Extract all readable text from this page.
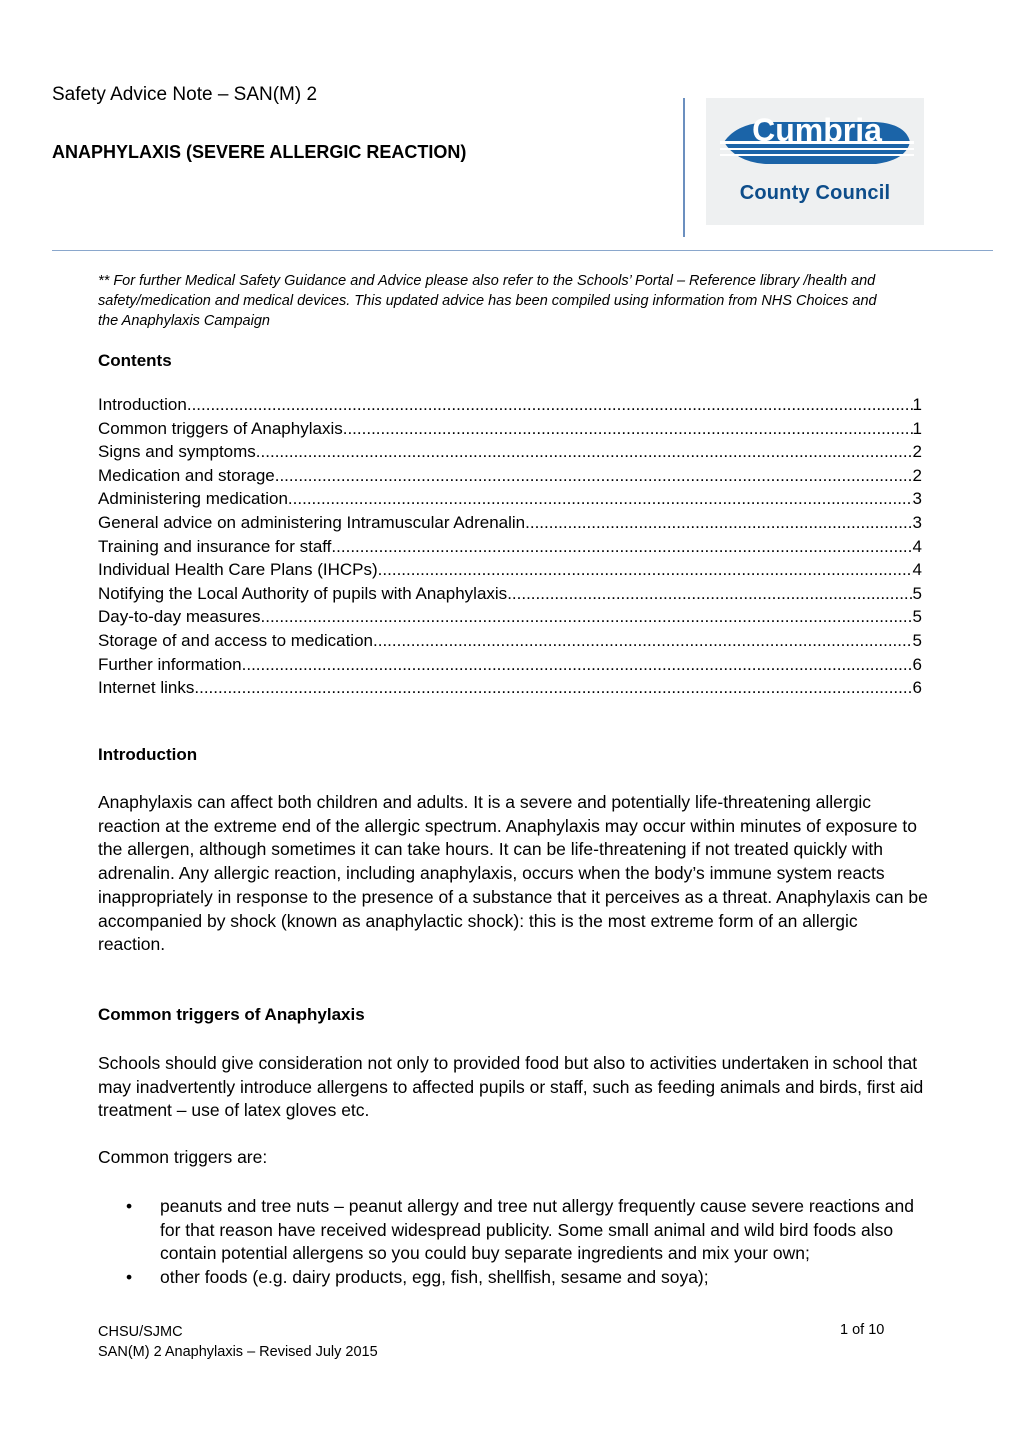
Safety Advice Note – SAN(M) 2
ANAPHYLAXIS (SEVERE ALLERGIC REACTION)
Cumbria
County Council
** For further Medical Safety Guidance and Advice please also refer to the Schools’ Portal – Reference library /health and safety/medication and medical devices. This updated advice has been compiled using information from NHS Choices and the Anaphylaxis Campaign
Contents
Introduction .....	1
Common triggers of Anaphylaxis .....	1
Signs and symptoms .....	2
Medication and storage .....	2
Administering medication .....	3
General advice on administering Intramuscular Adrenalin .....	3
Training and insurance for staff .....	4
Individual Health Care Plans (IHCPs) .....	4
Notifying the Local Authority of pupils with Anaphylaxis .....	5
Day-to-day measures .....	5
Storage of and access to medication .....	5
Further information .....	6
Internet links .....	6
Introduction
Anaphylaxis can affect both children and adults. It is a severe and potentially life-threatening allergic reaction at the extreme end of the allergic spectrum. Anaphylaxis may occur within minutes of exposure to the allergen, although sometimes it can take hours. It can be life-threatening if not treated quickly with adrenalin. Any allergic reaction, including anaphylaxis, occurs when the body’s immune system reacts inappropriately in response to the presence of a substance that it perceives as a threat. Anaphylaxis can be accompanied by shock (known as anaphylactic shock): this is the most extreme form of an allergic reaction.
Common triggers of Anaphylaxis
Schools should give consideration not only to provided food but also to activities undertaken in school that may inadvertently introduce allergens to affected pupils or staff, such as feeding animals and birds, first aid treatment – use of latex gloves etc.
Common triggers are:
• peanuts and tree nuts – peanut allergy and tree nut allergy frequently cause severe reactions and for that reason have received widespread publicity. Some small animal and wild bird foods also contain potential allergens so you could buy separate ingredients and mix your own;
• other foods (e.g. dairy products, egg, fish, shellfish, sesame and soya);
CHSU/SJMC
SAN(M) 2 Anaphylaxis – Revised July 2015
1 of 10
